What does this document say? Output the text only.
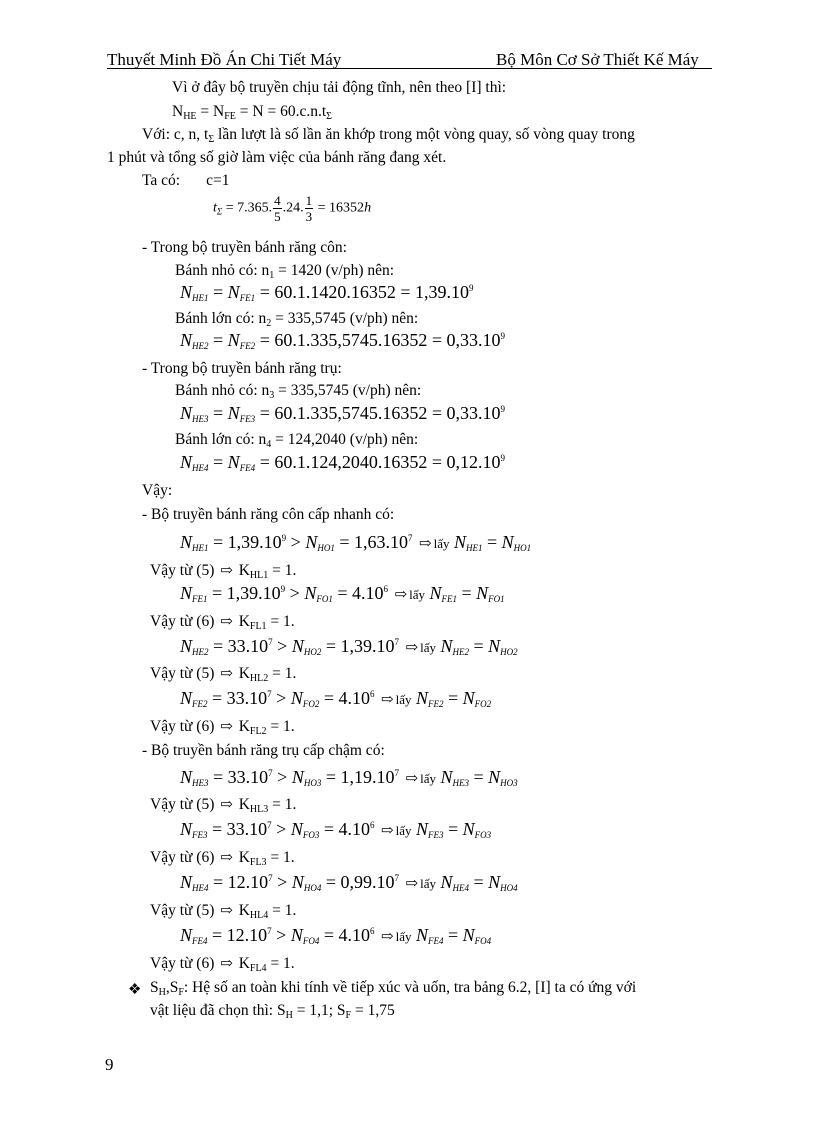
Thuyết Minh Đồ Án Chi Tiết Máy	Bộ Môn Cơ Sở Thiết Kế Máy
Vì ở đây bộ truyền chịu tải động tĩnh, nên theo [I] thì:
$N_{HE} = N_{FE} = N = 60.c.n.t_\Sigma$
Với: c, n, $t_\Sigma$ lần lượt là số lần ăn khớp trong một vòng quay, số vòng quay trong
1 phút và tổng số giờ làm việc của bánh răng đang xét.
Ta có: c=1
$t_\Sigma = 7.365$. $\frac{4}{5} .24$. $\frac{1}{3} = 16352h$
- Trong bộ truyền bánh răng côn:
Bánh nhỏ có: $n_1 = 1420$ (v/ph) nên:
$N_{HE1} = N_{FE1} = 60.1.1420.16352 = 1,39.10^9$
Bánh lớn có: $n_2 = 335,5745$ (v/ph) nên:
$N_{HE2} = N_{FE2} = 60.1.335,5745.16352 = 0,33.10^9$
- Trong bộ truyền bánh răng trụ:
Bánh nhỏ có: $n_3 = 335,5745$ (v/ph) nên:
$N_{HE3} = N_{FE3} = 60.1.335,5745.16352 = 0,33.10^9$
Bánh lớn có: $n_4 = 124,2040$ (v/ph) nên:
$N_{HE4} = N_{FE4} = 60.1.124,2040.16352 = 0,12.10^9$
Vậy:
- Bộ truyền bánh răng côn cấp nhanh có:
$N_{HE1} = 1,39.10^9 > N_{HO1} = 1,63.10^7$ ⇨ lấy $N_{HE1} = N_{HO1}$
Vậy từ (5) ⇨ $K_{HL1} = 1$.
$N_{FE1} = 1,39.10^9 > N_{FO1} = 4.10^6$ ⇨ lấy $N_{FE1} = N_{FO1}$
Vậy từ (6) ⇨ $K_{FL1} = 1$.
$N_{HE2} = 33.10^7 > N_{HO2} = 1,39.10^7$ ⇨ lấy $N_{HE2} = N_{HO2}$
Vậy từ (5) ⇨ $K_{HL2} = 1$.
$N_{FE2} = 33.10^7 > N_{FO2} = 4.10^6$ ⇨ lấy $N_{FE2} = N_{FO2}$
Vậy từ (6) ⇨ $K_{FL2} = 1$.
- Bộ truyền bánh răng trụ cấp chậm có:
$N_{HE3} = 33.10^7 > N_{HO3} = 1,19.10^7$ ⇨ lấy $N_{HE3} = N_{HO3}$
Vậy từ (5) ⇨ $K_{HL3} = 1$.
$N_{FE3} = 33.10^7 > N_{FO3} = 4.10^6$ ⇨ lấy $N_{FE3} = N_{FO3}$
Vậy từ (6) ⇨ $K_{FL3} = 1$.
$N_{HE4} = 12.10^7 > N_{HO4} = 0,99.10^7$ ⇨ lấy $N_{HE4} = N_{HO4}$
Vậy từ (5) ⇨ $K_{HL4} = 1$.
$N_{FE4} = 12.10^7 > N_{FO4} = 4.10^6$ ⇨ lấy $N_{FE4} = N_{FO4}$
Vậy từ (6) ⇨ $K_{FL4} = 1$.
❖ $S_H,S_F$: Hệ số an toàn khi tính về tiếp xúc và uốn, tra bảng 6.2, [I] ta có ứng với
vật liệu đã chọn thì: $S_H = 1,1$; $S_F = 1,75$
9
